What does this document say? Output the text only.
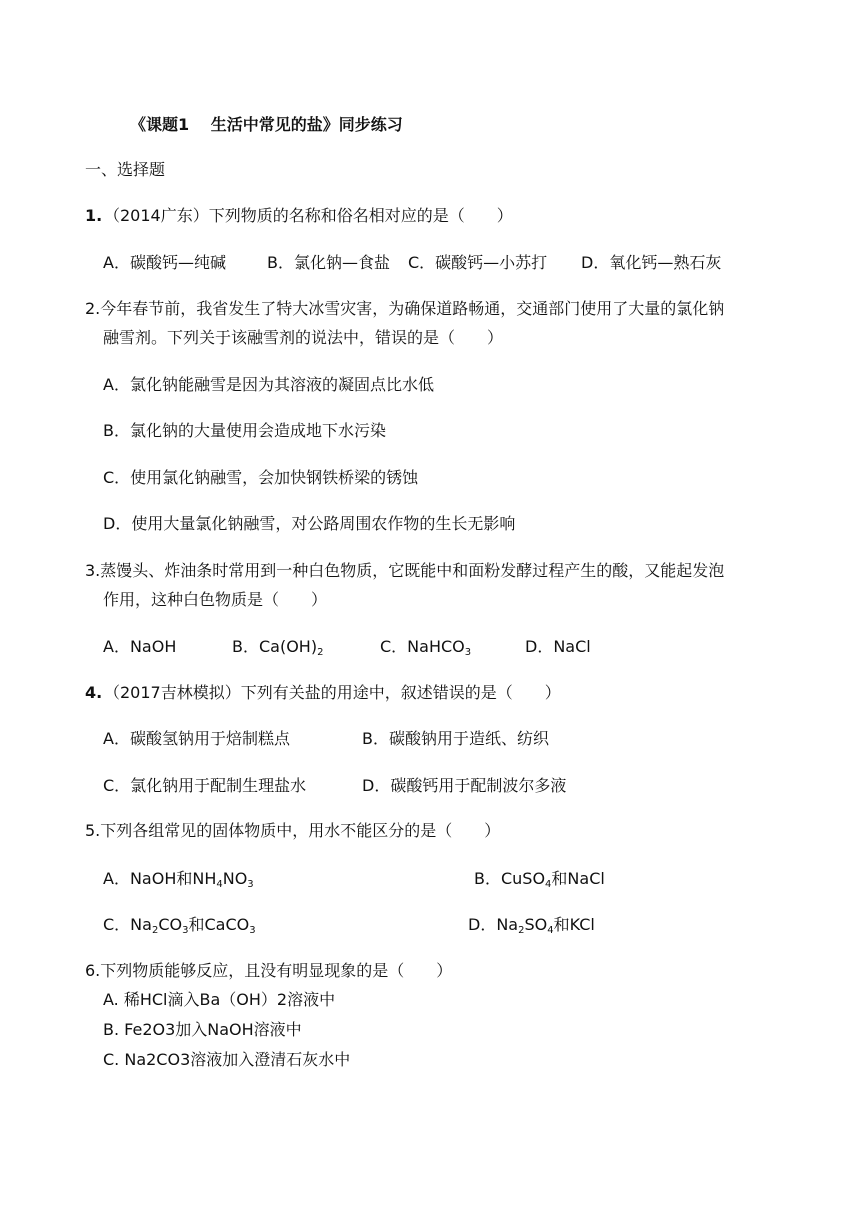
《课题1　 生活中常见的盐》同步练习
一、选择题
1. （2014广东）下列物质的名称和俗名相对应的是（　　）
A．碳酸钙—纯碱	B．氯化钠—食盐 C．碳酸钙—小苏打 D．氧化钙—熟石灰
2.今年春节前，我省发生了特大冰雪灾害，为确保道路畅通，交通部门使用了大量的氯化钠
融雪剂。下列关于该融雪剂的说法中，错误的是（　　）
A．氯化钠能融雪是因为其溶液的凝固点比水低
B．氯化钠的大量使用会造成地下水污染
C．使用氯化钠融雪，会加快钢铁桥梁的锈蚀
D．使用大量氯化钠融雪，对公路周围农作物的生长无影响
3.蒸馒头、炸油条时常用到一种白色物质，它既能中和面粉发酵过程产生的酸，又能起发泡
作用，这种白色物质是（　　）
A．NaOH	B．$Ca(OH)_2$	C．NaHCO$_3$	D．NaCl
4. （2017吉林模拟）下列有关盐的用途中，叙述错误的是（　　）
A．碳酸氢钠用于焙制糕点	B．碳酸钠用于造纸、纺织
C．氯化钠用于配制生理盐水	D．碳酸钙用于配制波尔多液
5.下列各组常见的固体物质中，用水不能区分的是（　　）
A．NaOH和$NH_4NO_3$	B．CuSO$_4$和NaCl
C．$Na_2CO_3$和CaCO$_3$	D．$Na_2SO_4$和KCl
6.下列物质能够反应，且没有明显现象的是（　　）
A. 稀HCl滴入Ba（OH）2溶液中
B. Fe2O3加入NaOH溶液中
C. Na2CO3溶液加入澄清石灰水中
